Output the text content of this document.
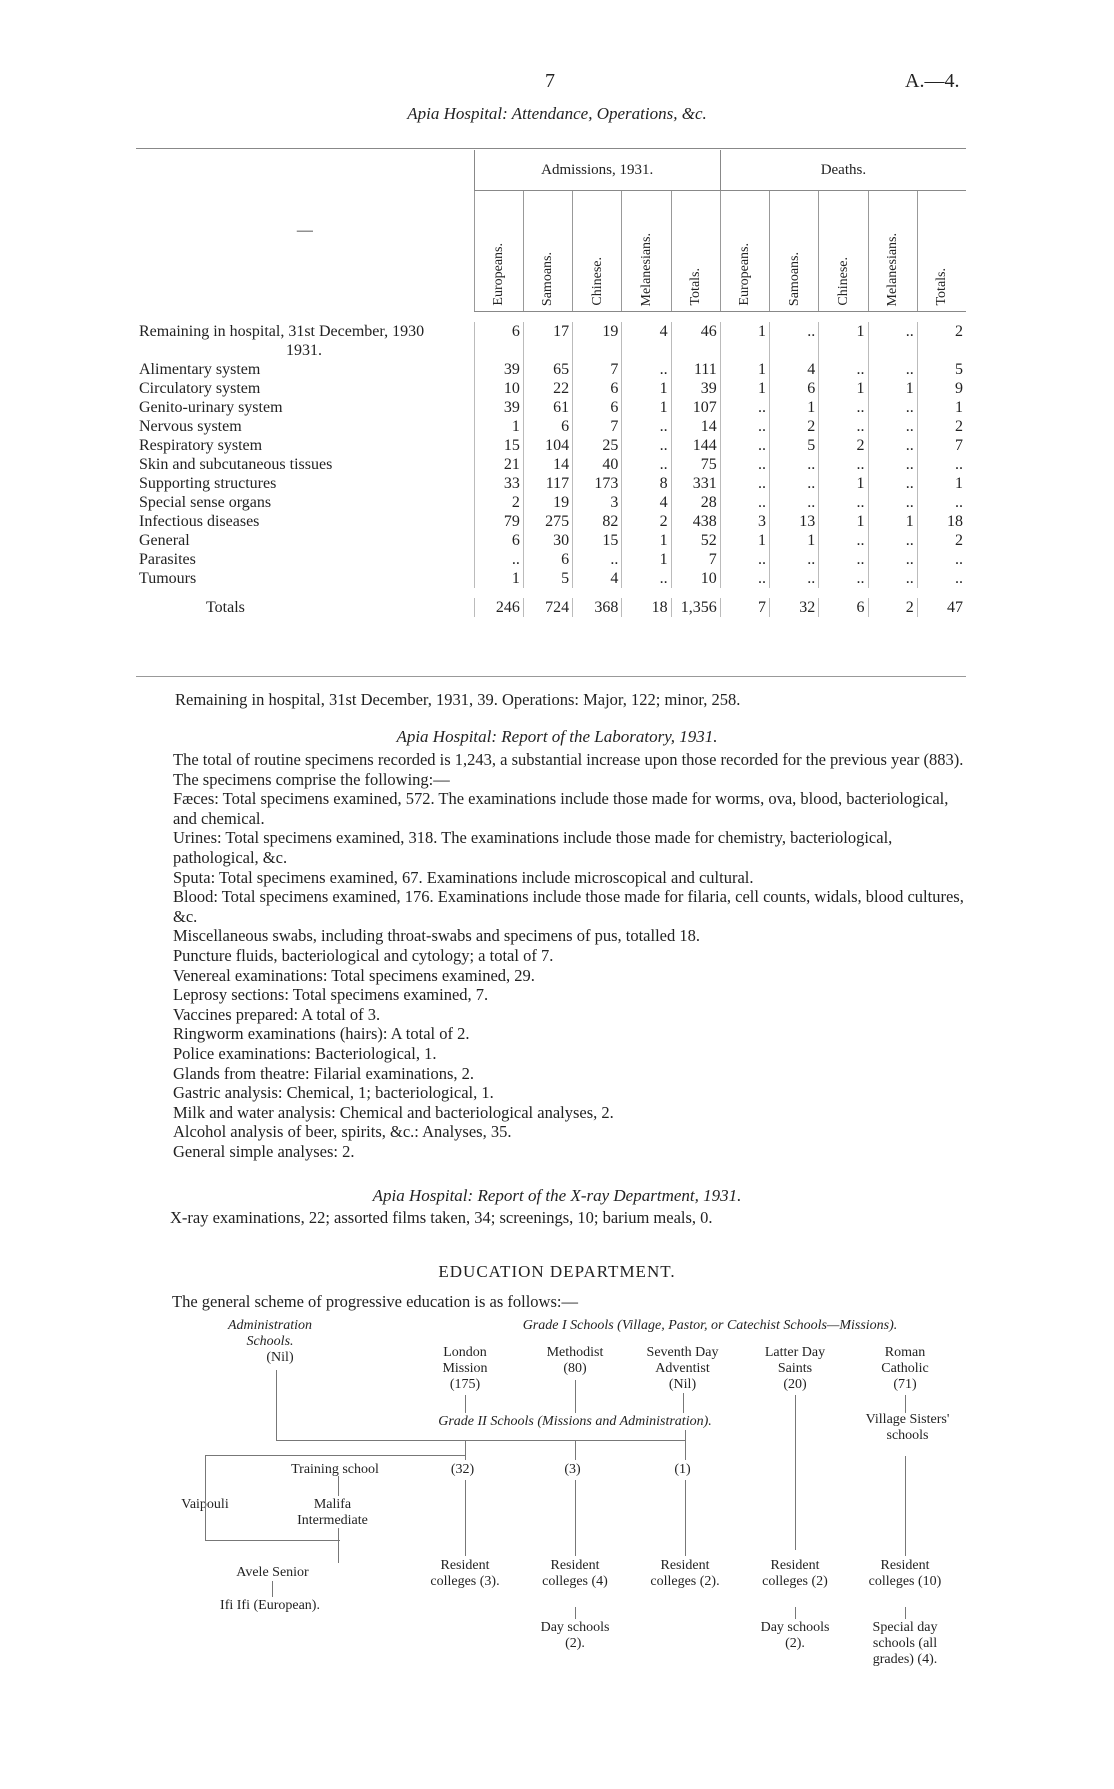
7	A.—4.
Apia Hospital: Attendance, Operations, &c.
—	Admissions, 1931.					Deaths.				
	Europeans.	Samoans.	Chinese.	Melanesians.	Totals.	Europeans.	Samoans.	Chinese.	Melanesians.	Totals.

Remaining in hospital, 31st December, 1930	6	17	19	4	46	1	..	1	..	2
1931.										
Alimentary system	39	65	7	..	111	1	4	..	..	5
Circulatory system	10	22	6	1	39	1	6	1	1	9
Genito-urinary system	39	61	6	1	107	..	1	..	..	1
Nervous system	1	6	7	..	14	..	2	..	..	2
Respiratory system	15	104	25	..	144	..	5	2	..	7
Skin and subcutaneous tissues	21	14	40	..	75	..	..	..	..	..
Supporting structures	33	117	173	8	331	..	..	1	..	1
Special sense organs	2	19	3	4	28	..	..	..	..	..
Infectious diseases	79	275	82	2	438	3	13	1	1	18
General	6	30	15	1	52	1	1	..	..	2
Parasites	..	6	..	1	7	..	..	..	..	..
Tumours	1	5	4	..	10	..	..	..	..	..

Totals	246	724	368	18	1,356	7	32	6	2	47
Remaining in hospital, 31st December, 1931, 39. Operations: Major, 122; minor, 258.
Apia Hospital: Report of the Laboratory, 1931.
The total of routine specimens recorded is 1,243, a substantial increase upon those recorded for the previous year (883). The specimens comprise the following:—
Fæces: Total specimens examined, 572. The examinations include those made for worms, ova, blood, bacteriological, and chemical.
Urines: Total specimens examined, 318. The examinations include those made for chemistry, bacteriological, pathological, &c.
Sputa: Total specimens examined, 67. Examinations include microscopical and cultural.
Blood: Total specimens examined, 176. Examinations include those made for filaria, cell counts, widals, blood cultures, &c.
Miscellaneous swabs, including throat-swabs and specimens of pus, totalled 18.
Puncture fluids, bacteriological and cytology; a total of 7.
Venereal examinations: Total specimens examined, 29.
Leprosy sections: Total specimens examined, 7.
Vaccines prepared: A total of 3.
Ringworm examinations (hairs): A total of 2.
Police examinations: Bacteriological, 1.
Glands from theatre: Filarial examinations, 2.
Gastric analysis: Chemical, 1; bacteriological, 1.
Milk and water analysis: Chemical and bacteriological analyses, 2.
Alcohol analysis of beer, spirits, &c.: Analyses, 35.
General simple analyses: 2.
Apia Hospital: Report of the X-ray Department, 1931.
X-ray examinations, 22; assorted films taken, 34; screenings, 10; barium meals, 0.
EDUCATION DEPARTMENT.
The general scheme of progressive education is as follows:—
Administration Schools.
(Nil)
Grade I Schools (Village, Pastor, or Catechist Schools—Missions).
London Mission
(175)
Methodist
(80)
Seventh Day Adventist
(Nil)
Latter Day Saints
(20)
Roman Catholic
(71)
Grade II Schools (Missions and Administration).	Village Sisters' schools
Training school	(32)	(3)	(1)
Vaipouli	Malifa Intermediate
Avele Senior
Ifi Ifi (European).
Resident colleges (3).
Resident colleges (4)
Resident colleges (2).
Resident colleges (2)
Resident colleges (10)
Day schools (2).
Day schools (2).
Special day schools (all grades) (4).
